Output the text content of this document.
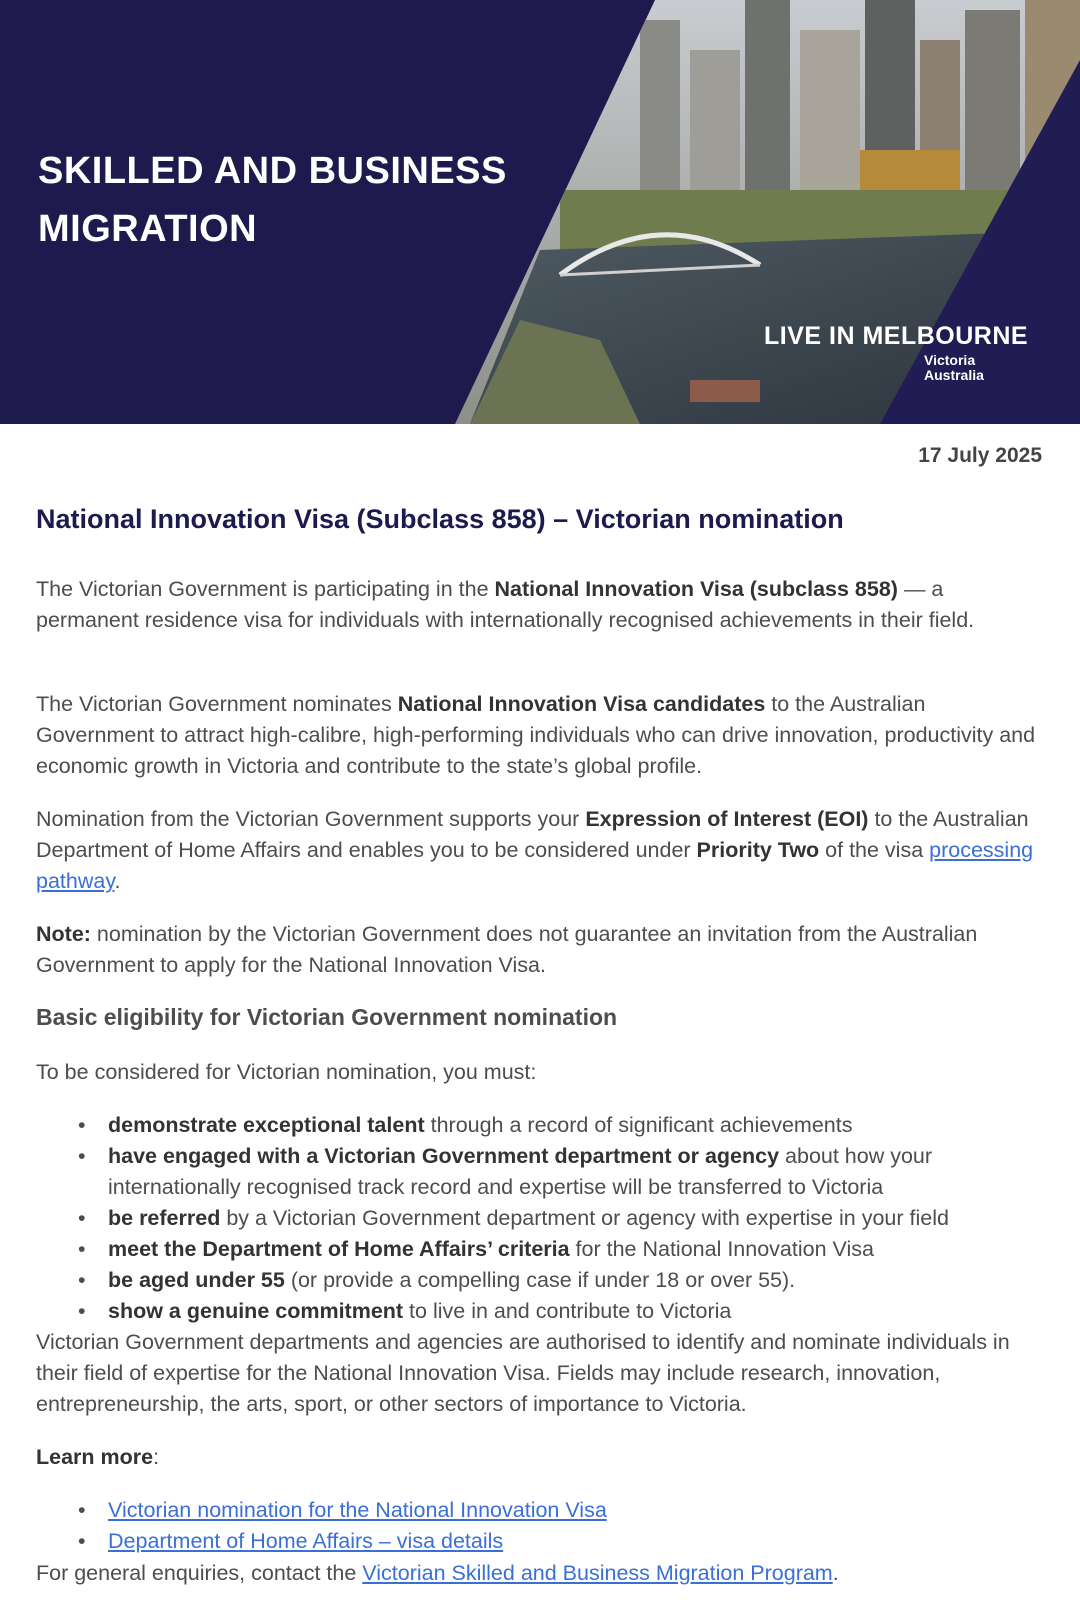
SKILLED AND BUSINESS
MIGRATION
LIVE IN MELBOURNE
Victoria
Australia
17 July 2025
National Innovation Visa (Subclass 858) – Victorian nomination

The Victorian Government is participating in the National Innovation Visa (subclass 858) — a permanent residence visa for individuals with internationally recognised achievements in their field.

The Victorian Government nominates National Innovation Visa candidates to the Australian Government to attract high-calibre, high-performing individuals who can drive innovation, productivity and economic growth in Victoria and contribute to the state’s global profile.

Nomination from the Victorian Government supports your Expression of Interest (EOI) to the Australian Department of Home Affairs and enables you to be considered under Priority Two of the visa processing pathway.

Note: nomination by the Victorian Government does not guarantee an invitation from the Australian Government to apply for the National Innovation Visa.

Basic eligibility for Victorian Government nomination

To be considered for Victorian nomination, you must:

• demonstrate exceptional talent through a record of significant achievements
• have engaged with a Victorian Government department or agency about how your internationally recognised track record and expertise will be transferred to Victoria
• be referred by a Victorian Government department or agency with expertise in your field
• meet the Department of Home Affairs’ criteria for the National Innovation Visa
• be aged under 55 (or provide a compelling case if under 18 or over 55).
• show a genuine commitment to live in and contribute to Victoria

Victorian Government departments and agencies are authorised to identify and nominate individuals in their field of expertise for the National Innovation Visa. Fields may include research, innovation, entrepreneurship, the arts, sport, or other sectors of importance to Victoria.

Learn more:

• Victorian nomination for the National Innovation Visa
• Department of Home Affairs – visa details

For general enquiries, contact the Victorian Skilled and Business Migration Program.
